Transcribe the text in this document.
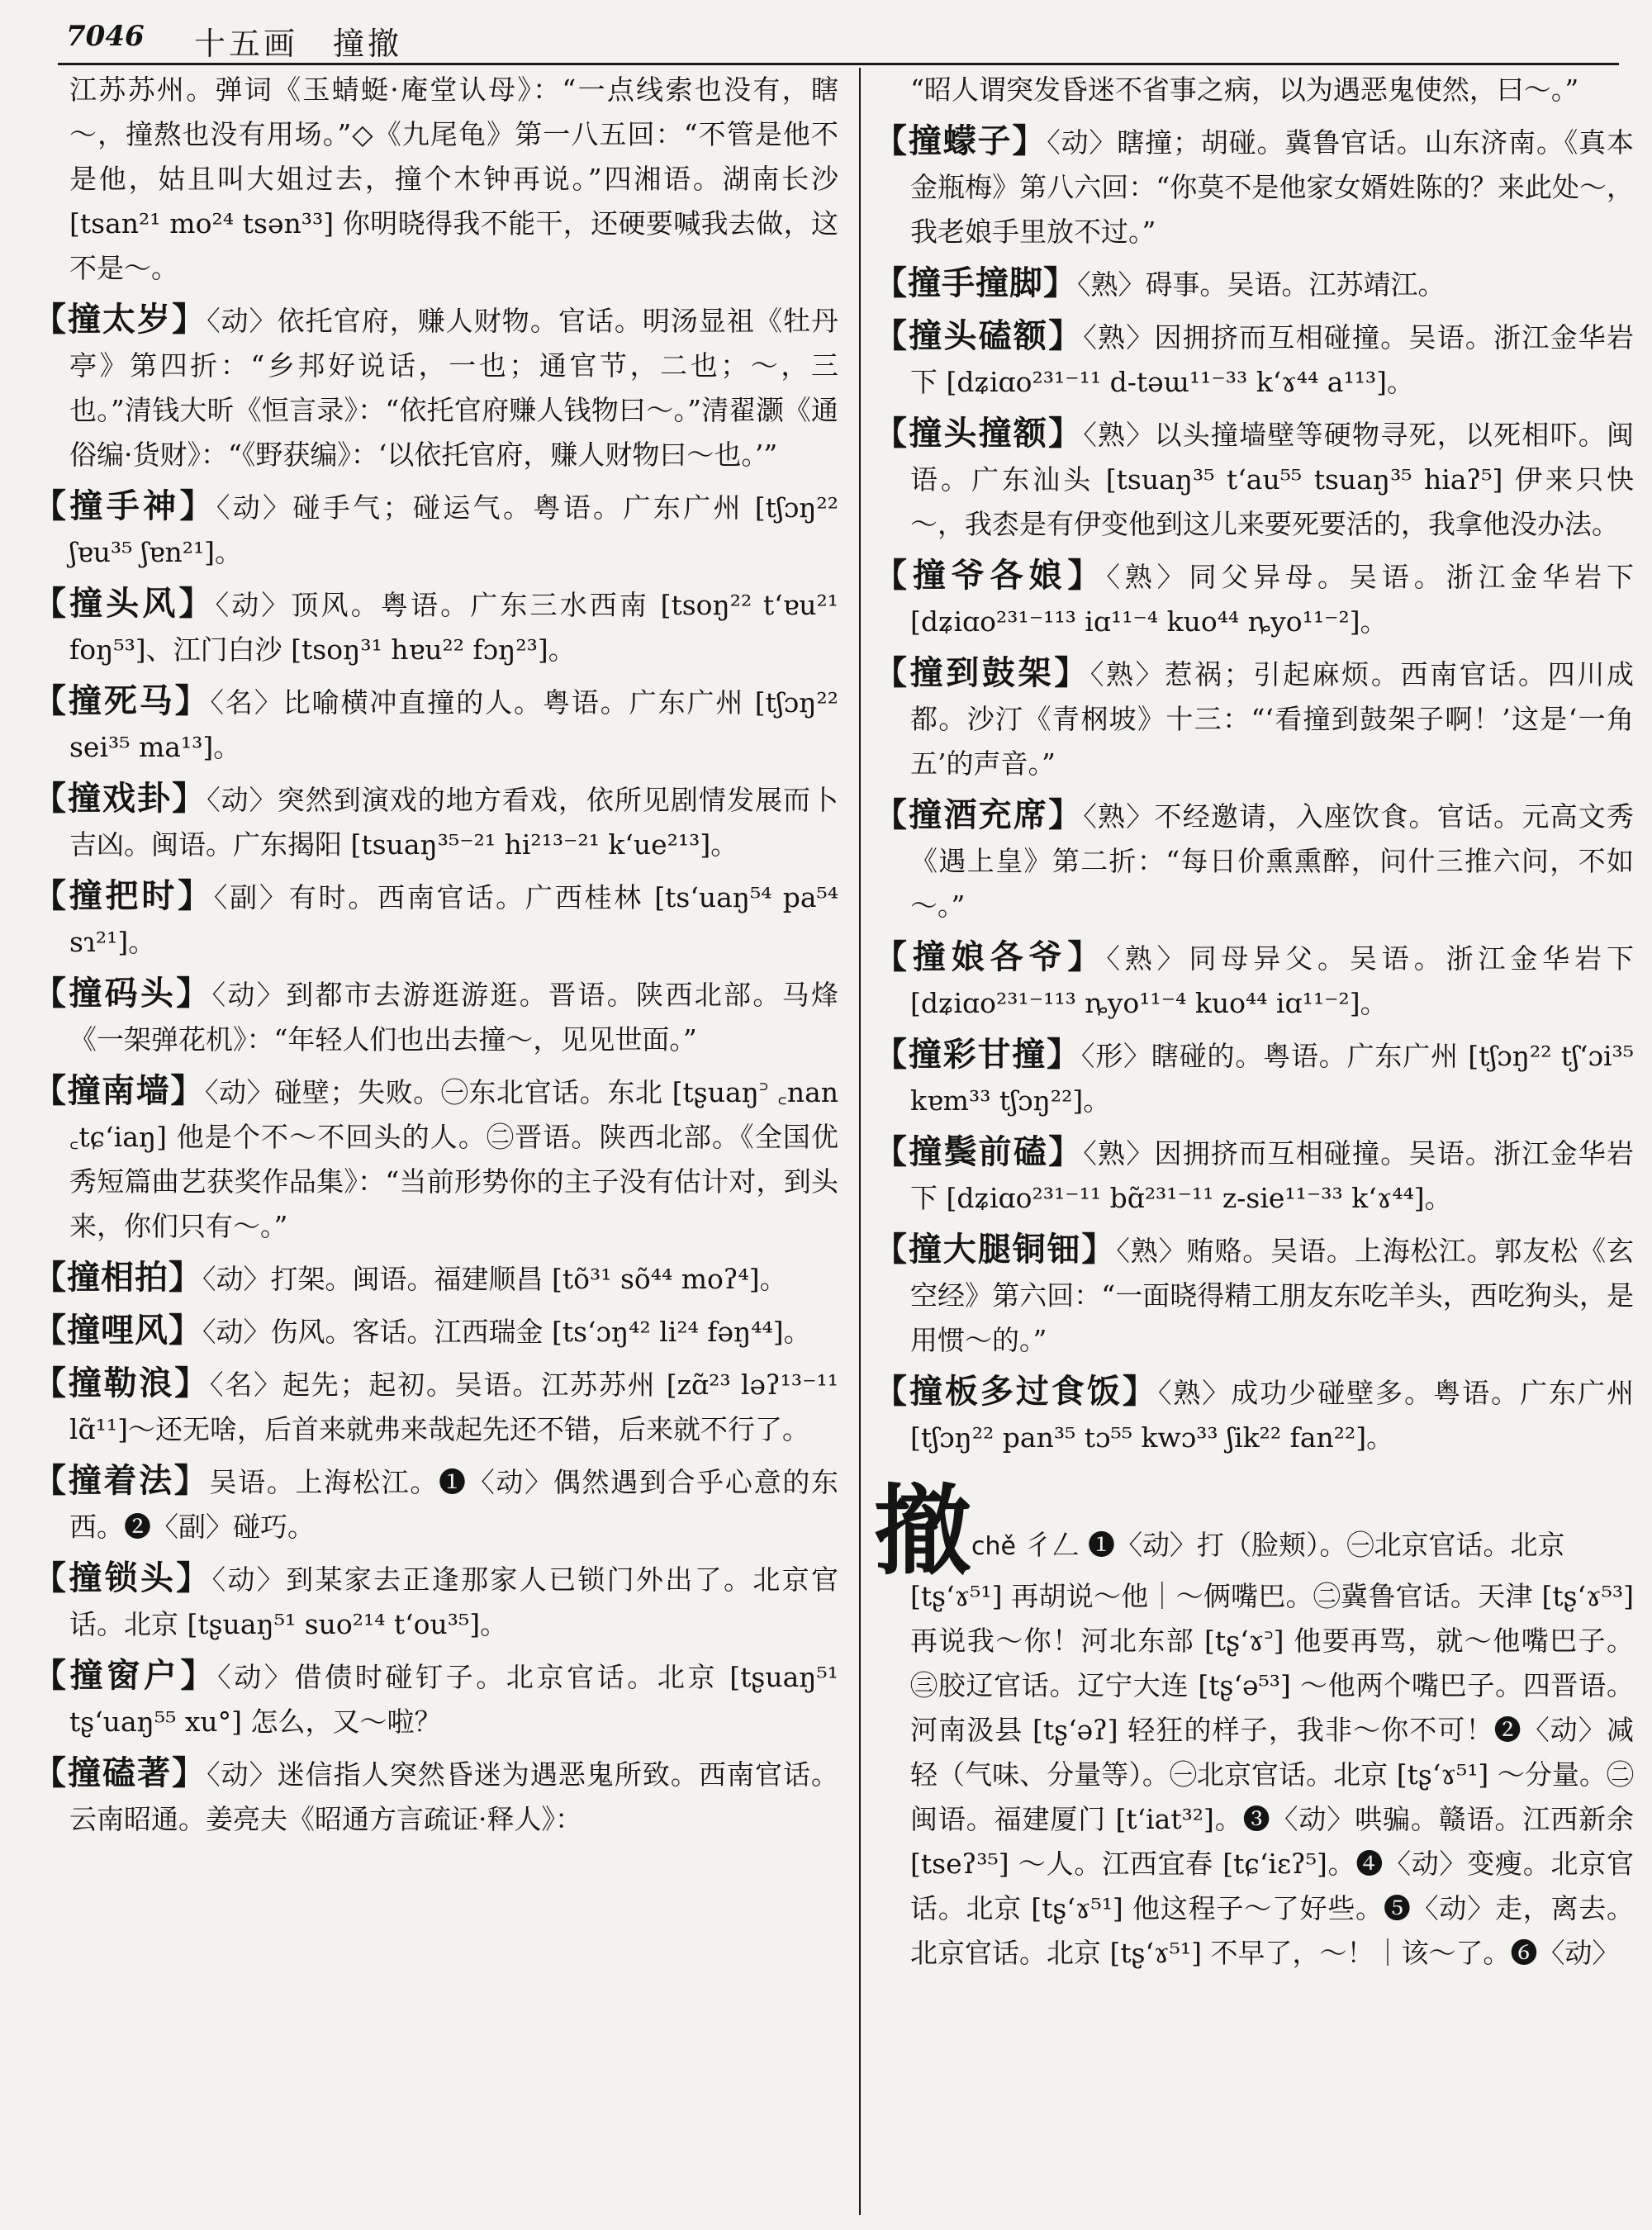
7046 十五画　撞撤

江苏苏州。弹词《玉蜻蜓·庵堂认母》：“一点线索也没有，瞎～，撞熬也没有用场。”◇《九尾龟》第一八五回：“不管是他不是他，姑且叫大姐过去，撞个木钟再说。”四湘语。湖南长沙 [tsan²¹ mo²⁴ tsən³³] 你明晓得我不能干，还硬要喊我去做，这不是～。

【撞太岁】〈动〉依托官府，赚人财物。官话。明汤显祖《牡丹亭》第四折：“乡邦好说话，一也；通官节，二也；～，三也。”清钱大昕《恒言录》：“依托官府赚人钱物曰～。”清翟灏《通俗编·货财》：“《野获编》：‘以依托官府，赚人财物曰～也。’”

【撞手神】〈动〉碰手气；碰运气。粤语。广东广州 [tʃɔŋ²² ʃɐu³⁵ ʃɐn²¹]。

【撞头风】〈动〉顶风。粤语。广东三水西南 [tsoŋ²² tʻɐu²¹ foŋ⁵³]、江门白沙 [tsoŋ³¹ hɐu²² fɔŋ²³]。

【撞死马】〈名〉比喻横冲直撞的人。粤语。广东广州 [tʃɔŋ²² sei³⁵ ma¹³]。

【撞戏卦】〈动〉突然到演戏的地方看戏，依所见剧情发展而卜吉凶。闽语。广东揭阳 [tsuaŋ³⁵⁻²¹ hi²¹³⁻²¹ kʻue²¹³]。

【撞把时】〈副〉有时。西南官话。广西桂林 [tsʻuaŋ⁵⁴ pa⁵⁴ sɿ²¹]。

【撞码头】〈动〉到都市去游逛游逛。晋语。陕西北部。马烽《一架弹花机》：“年轻人们也出去撞～，见见世面。”

【撞南墙】〈动〉碰壁；失败。㊀东北官话。东北 [tʂuaŋ꜄ ꜀nan ꜀tɕʻiaŋ] 他是个不～不回头的人。㊁晋语。陕西北部。《全国优秀短篇曲艺获奖作品集》：“当前形势你的主子没有估计对，到头来，你们只有～。”

【撞相拍】〈动〉打架。闽语。福建顺昌 [tõ³¹ sõ⁴⁴ moʔ⁴]。

【撞哩风】〈动〉伤风。客话。江西瑞金 [tsʻɔŋ⁴² li²⁴ fəŋ⁴⁴]。

【撞勒浪】〈名〉起先；起初。吴语。江苏苏州 [zɑ̃²³ ləʔ¹³⁻¹¹ lɑ̃¹¹]～还无啥，后首来就弗来哉起先还不错，后来就不行了。

【撞着法】吴语。上海松江。❶〈动〉偶然遇到合乎心意的东西。❷〈副〉碰巧。

【撞锁头】〈动〉到某家去正逢那家人已锁门外出了。北京官话。北京 [tʂuaŋ⁵¹ suo²¹⁴ tʻou³⁵]。

【撞窗户】〈动〉借债时碰钉子。北京官话。北京 [tʂuaŋ⁵¹ tʂʻuaŋ⁵⁵ xu°] 怎么，又～啦？

【撞磕著】〈动〉迷信指人突然昏迷为遇恶鬼所致。西南官话。云南昭通。姜亮夫《昭通方言疏证·释人》：

“昭人谓突发昏迷不省事之病，以为遇恶鬼使然，曰～。”

【撞蠓子】〈动〉瞎撞；胡碰。冀鲁官话。山东济南。《真本金瓶梅》第八六回：“你莫不是他家女婿姓陈的？来此处～，我老娘手里放不过。”

【撞手撞脚】〈熟〉碍事。吴语。江苏靖江。

【撞头磕额】〈熟〉因拥挤而互相碰撞。吴语。浙江金华岩下 [dʑiɑo²³¹⁻¹¹ d-təɯ¹¹⁻³³ kʻɤ⁴⁴ a¹¹³]。

【撞头撞额】〈熟〉以头撞墙壁等硬物寻死，以死相吓。闽语。广东汕头 [tsuaŋ³⁵ tʻau⁵⁵ tsuaŋ³⁵ hiaʔ⁵] 伊来只快～，我枩是有伊变他到这儿来要死要活的，我拿他没办法。

【撞爷各娘】〈熟〉同父异母。吴语。浙江金华岩下 [dʑiɑo²³¹⁻¹¹³ iɑ¹¹⁻⁴ kuo⁴⁴ ȵyo¹¹⁻²]。

【撞到鼓架】〈熟〉惹祸；引起麻烦。西南官话。四川成都。沙汀《青㭎坡》十三：“‘看撞到鼓架子啊！’这是‘一角五’的声音。”

【撞酒充席】〈熟〉不经邀请，入座饮食。官话。元高文秀《遇上皇》第二折：“每日价熏熏醉，问什三推六问，不如～。”

【撞娘各爷】〈熟〉同母异父。吴语。浙江金华岩下 [dʑiɑo²³¹⁻¹¹³ ȵyo¹¹⁻⁴ kuo⁴⁴ iɑ¹¹⁻²]。

【撞彩甘撞】〈形〉瞎碰的。粤语。广东广州 [tʃɔŋ²² tʃʻɔi³⁵ kɐm³³ tʃɔŋ²²]。

【撞鬓前磕】〈熟〉因拥挤而互相碰撞。吴语。浙江金华岩下 [dʑiɑo²³¹⁻¹¹ bɑ̃²³¹⁻¹¹ z-sie¹¹⁻³³ kʻɤ⁴⁴]。

【撞大腿铜钿】〈熟〉贿赂。吴语。上海松江。郭友松《玄空经》第六回：“一面晓得精工朋友东吃羊头，西吃狗头，是用惯～的。”

【撞板多过食饭】〈熟〉成功少碰壁多。粤语。广东广州 [tʃɔŋ²² pan³⁵ tɔ⁵⁵ kwɔ³³ ʃik²² fan²²]。

撤 chě 彳𠃋 ❶〈动〉打（脸颊）。㊀北京官话。北京

[tʂʻɤ⁵¹] 再胡说～他｜～俩嘴巴。㊁冀鲁官话。天津 [tʂʻɤ⁵³] 再说我～你！河北东部 [tʂʻɤ꜄] 他要再骂，就～他嘴巴子。㊂胶辽官话。辽宁大连 [tʂʻə⁵³] ～他两个嘴巴子。四晋语。河南汲县 [tʂʻəʔ] 轻狂的样子，我非～你不可！❷〈动〉减轻（气味、分量等）。㊀北京官话。北京 [tʂʻɤ⁵¹] ～分量。㊁闽语。福建厦门 [tʻiat³²]。❸〈动〉哄骗。赣语。江西新余 [tseʔ³⁵] ～人。江西宜春 [tɕʻiɛʔ⁵]。❹〈动〉变瘦。北京官话。北京 [tʂʻɤ⁵¹] 他这程子～了好些。❺〈动〉走，离去。北京官话。北京 [tʂʻɤ⁵¹] 不早了，～！｜该～了。❻〈动〉
